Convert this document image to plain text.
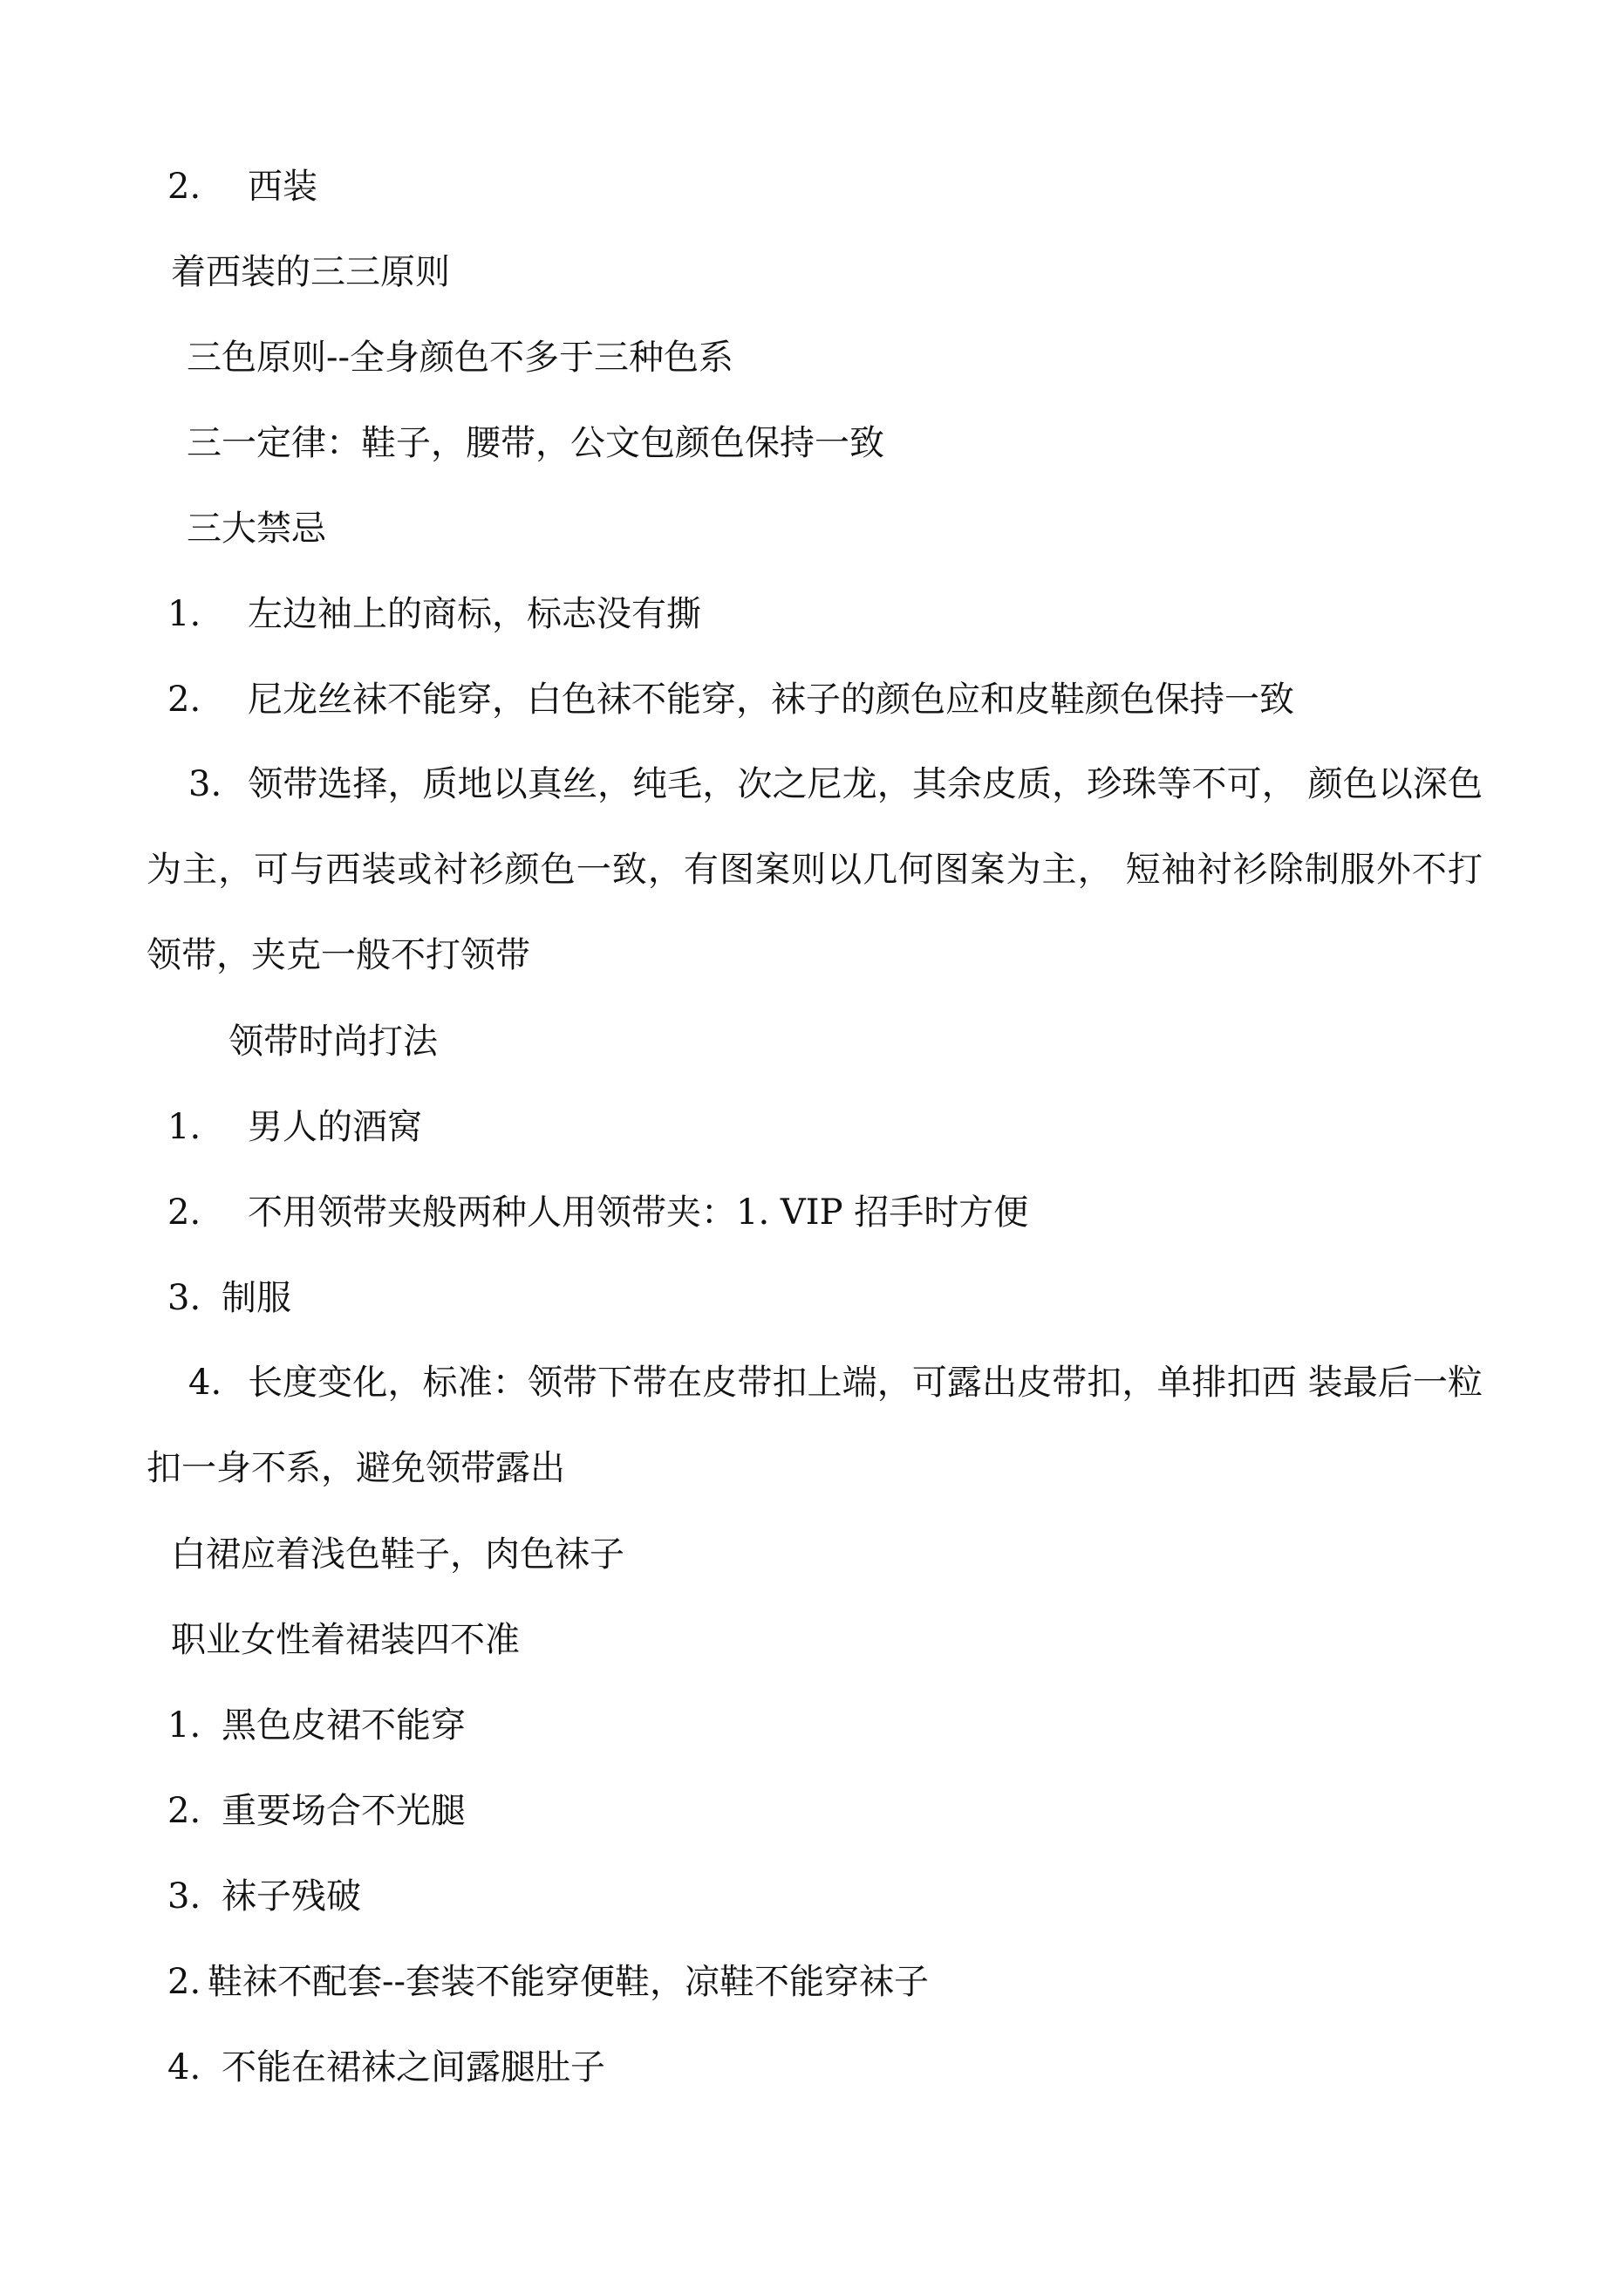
2. 西装
着西装的三三原则
三色原则--全身颜色不多于三种色系
三一定律：鞋子，腰带，公文包颜色保持一致
三大禁忌
1. 左边袖上的商标，标志没有撕
2. 尼龙丝袜不能穿，白色袜不能穿，袜子的颜色应和皮鞋颜色保持一致
3. 领带选择，质地以真丝，纯毛，次之尼龙，其余皮质，珍珠等不可， 颜色以深色为主，可与西装或衬衫颜色一致，有图案则以几何图案为主， 短袖衬衫除制服外不打领带，夹克一般不打领带
领带时尚打法
1. 男人的酒窝
2. 不用领带夹般两种人用领带夹：1. VIP 招手时方便
3. 制服
4. 长度变化，标准：领带下带在皮带扣上端，可露出皮带扣，单排扣西 装最后一粒扣一身不系，避免领带露出
白裙应着浅色鞋子，肉色袜子
职业女性着裙装四不准
1. 黑色皮裙不能穿
2. 重要场合不光腿
3. 袜子残破
2. 鞋袜不配套--套装不能穿便鞋，凉鞋不能穿袜子
4. 不能在裙袜之间露腿肚子
